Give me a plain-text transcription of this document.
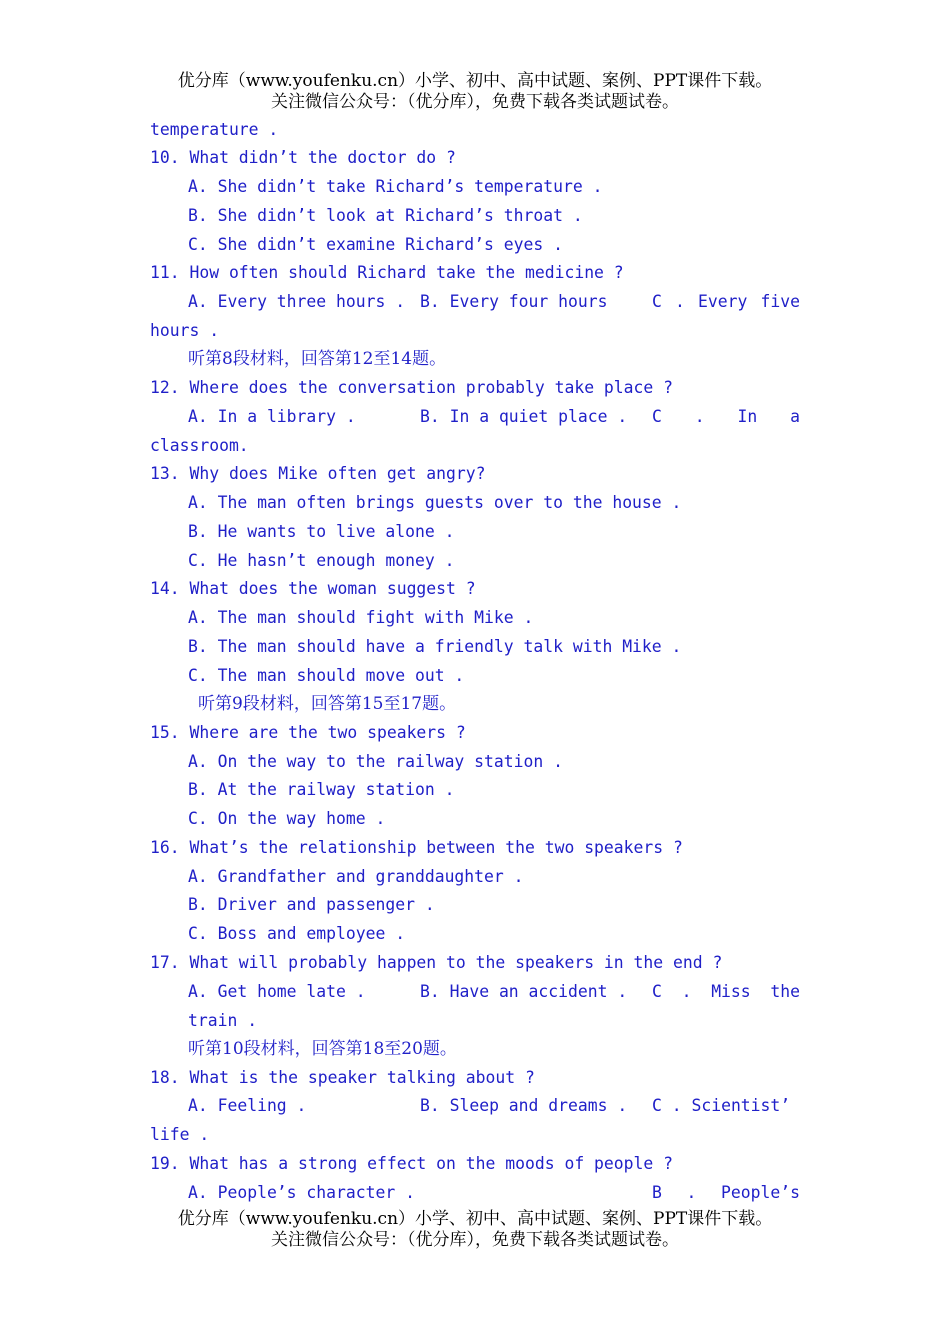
优分库（www.youfenku.cn）小学、初中、高中试题、案例、PPT课件下载。
关注微信公众号：（优分库），免费下载各类试题试卷。
temperature .
10. What didn’t the doctor do ?
A. She didn’t take Richard’s temperature .
B. She didn’t look at Richard’s throat .
C. She didn’t examine Richard’s eyes .
11. How often should Richard take the medicine ?
A. Every three hours . B. Every four hours	C . Every five
hours .
听第8段材料，回答第12至14题。
12. Where does the conversation probably take place ?
A. In a library .	B. In a quiet place . C . In a
classroom.
13. Why does Mike often get angry?
A. The man often brings guests over to the house .
B. He wants to live alone .
C. He hasn’t enough money .
14. What does the woman suggest ?
A. The man should fight with Mike .
B. The man should have a friendly talk with Mike .
C. The man should move out .
听第9段材料，回答第15至17题。
15. Where are the two speakers ?
A. On the way to the railway station .
B. At the railway station .
C. On the way home .
16. What’s the relationship between the two speakers ?
A. Grandfather and granddaughter .
B. Driver and passenger .
C. Boss and employee .
17. What will probably happen to the speakers in the end ?
A. Get home late .	B. Have an accident . C . Miss the
train .
听第10段材料，回答第18至20题。
18. What is the speaker talking about ?
A. Feeling .	B. Sleep and dreams . C . Scientist’
life .
19. What has a strong effect on the moods of people ?
A. People’s character .	B . People’s
优分库（www.youfenku.cn）小学、初中、高中试题、案例、PPT课件下载。
关注微信公众号：（优分库），免费下载各类试题试卷。
